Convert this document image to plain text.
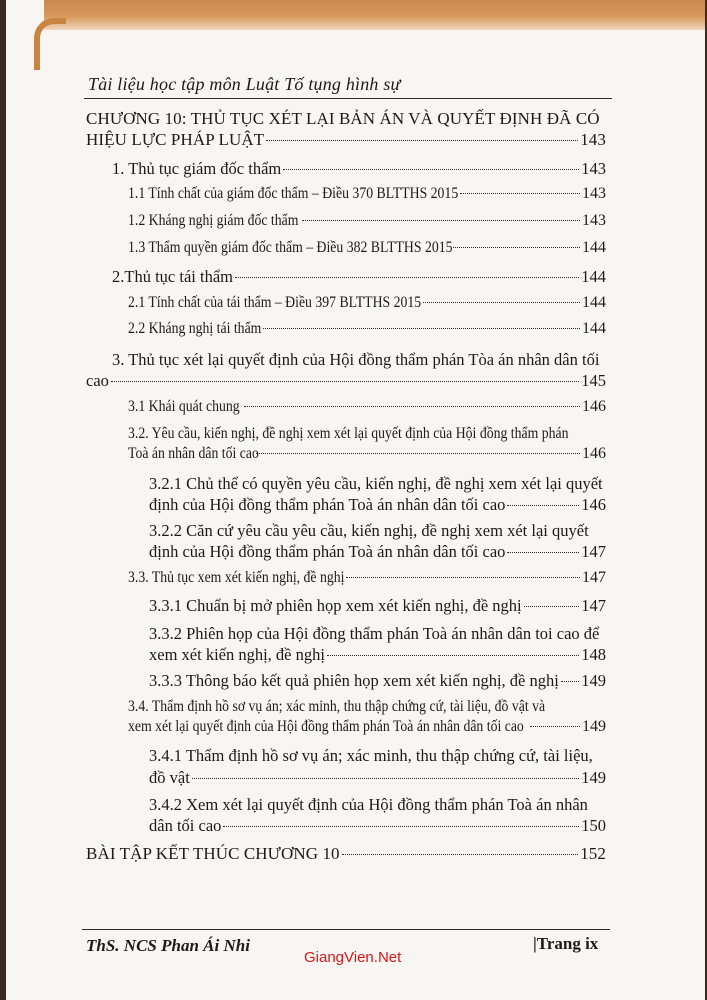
Tài liệu học tập môn Luật Tố tụng hình sự
CHƯƠNG 10: THỦ TỤC XÉT LẠI BẢN ÁN VÀ QUYẾT ĐỊNH ĐÃ CÓ
HIỆU LỰC PHÁP LUẬT	143
1. Thủ tục giám đốc thẩm	143
1.1 Tính chất của giám đốc thẩm – Điều 370 BLTTHS 2015	143
1.2 Kháng nghị giám đốc thẩm	143
1.3 Thẩm quyền giám đốc thẩm – Điều 382 BLTTHS 2015	144
2.Thủ tục tái thẩm	144
2.1 Tính chất của tái thẩm – Điều 397 BLTTHS 2015	144
2.2 Kháng nghị tái thẩm	144
3. Thủ tục xét lại quyết định của Hội đồng thẩm phán Tòa án nhân dân tối
cao	145
3.1 Khái quát chung	146
3.2. Yêu cầu, kiến nghị, đề nghị xem xét lại quyết định của Hội đồng thẩm phán
Toà án nhân dân tối cao	146
3.2.1 Chủ thể có quyền yêu cầu, kiến nghị, đề nghị xem xét lại quyết
định của Hội đồng thẩm phán Toà án nhân dân tối cao	146
3.2.2 Căn cứ yêu cầu yêu cầu, kiến nghị, đề nghị xem xét lại quyết
định của Hội đồng thẩm phán Toà án nhân dân tối cao	147
3.3. Thủ tục xem xét kiến nghị, đề nghị	147
3.3.1 Chuẩn bị mở phiên họp xem xét kiến nghị, đề nghị	147
3.3.2 Phiên họp của Hội đồng thẩm phán Toà án nhân dân toi cao để
xem xét kiến nghị, đề nghị	148
3.3.3 Thông báo kết quả phiên họp xem xét kiến nghị, đề nghị 149
3.4. Thẩm định hồ sơ vụ án; xác minh, thu thập chứng cứ, tài liệu, đồ vật và
xem xét lại quyết định của Hội đồng thẩm phán Toà án nhân dân tối cao	149
3.4.1 Thẩm định hồ sơ vụ án; xác minh, thu thập chứng cứ, tài liệu,
đồ vật	149
3.4.2 Xem xét lại quyết định của Hội đồng thẩm phán Toà án nhân
dân tối cao	150
BÀI TẬP KẾT THÚC CHƯƠNG 10	152
ThS. NCS Phan Ái Nhi	|Trang ix
GiangVien.Net
